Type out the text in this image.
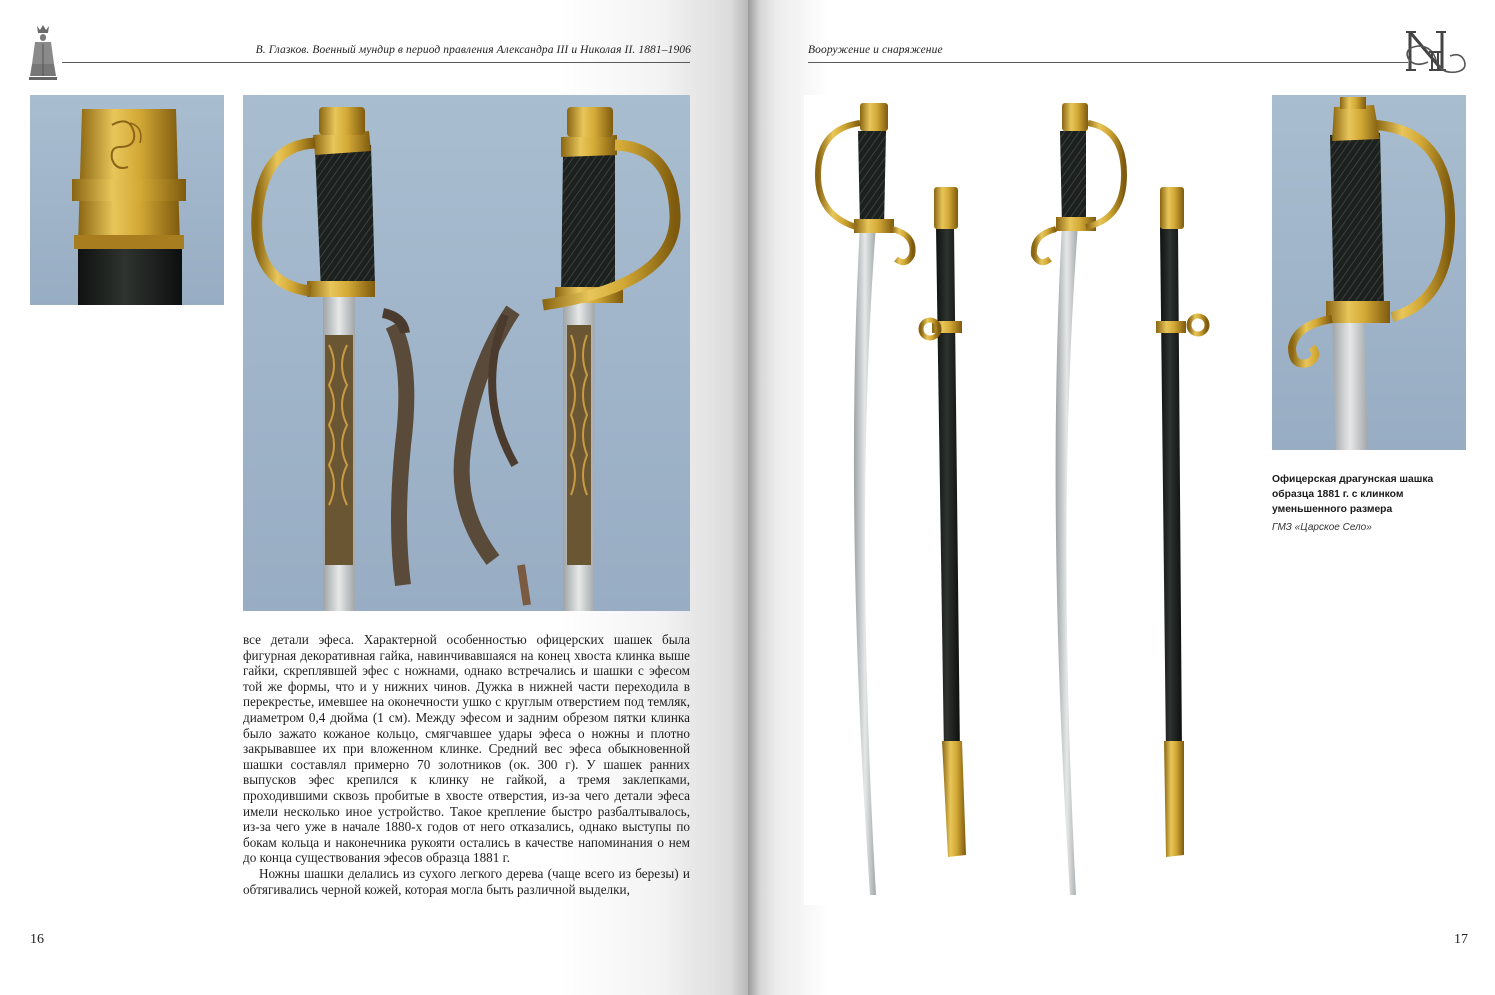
В. Глазков. Военный мундир в период правления Александра III и Николая II. 1881–1906

все детали эфеса. Характерной особенностью офицерских шашек была фигурная декоративная гайка, навинчивавшаяся на конец хвоста клинка выше гайки, скреплявшей эфес с ножнами, однако встречались и шашки с эфесом той же формы, что и у нижних чинов. Дужка в нижней части переходила в перекрестье, имевшее на оконечности ушко с круглым отверстием под темляк, диаметром 0,4 дюйма (1 см). Между эфесом и задним обрезом пятки клинка было зажато кожаное кольцо, смягчавшее удары эфеса о ножны и плотно закрывавшее их при вложенном клинке. Средний вес эфеса обыкновенной шашки составлял примерно 70 золотников (ок. 300 г). У шашек ранних выпусков эфес крепился к клинку не гайкой, а тремя заклепками, проходившими сквозь пробитые в хвосте отверстия, из-за чего детали эфеса имели несколько иное устройство. Такое крепление быстро разбалтывалось, из-за чего уже в начале 1880-х годов от него отказались, однако выступы по бокам кольца и наконечника рукояти остались в качестве напоминания о нем до конца существования эфесов образца 1881 г.

Ножны шашки делались из сухого легкого дерева (чаще всего из березы) и обтягивались черной кожей, которая могла быть различной выделки,

16
Вооружение и снаряжение

Офицерская драгунская шашка образца 1881 г. с клинком уменьшенного размера

ГМЗ «Царское Село»

17
